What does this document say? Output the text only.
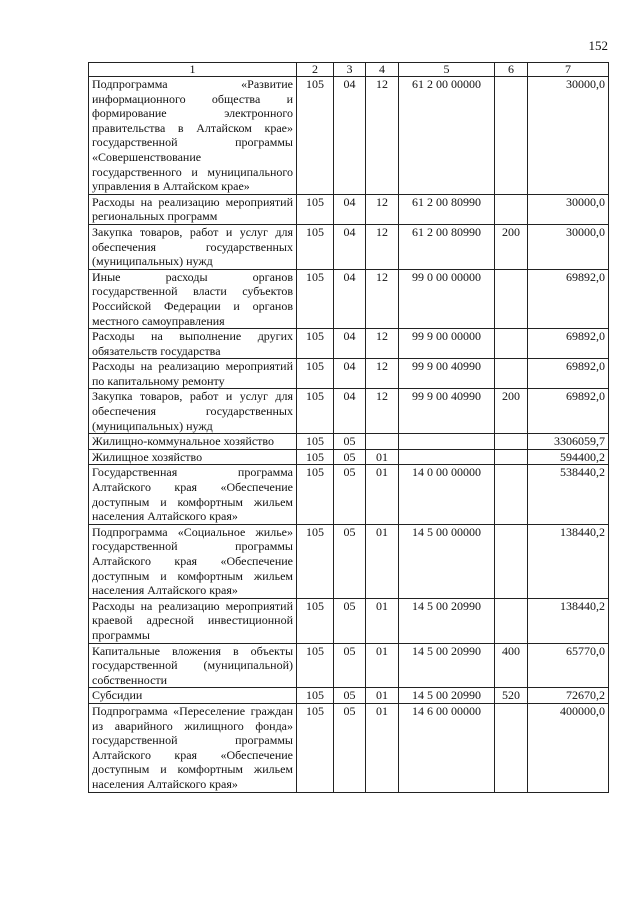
152
1	2	3	4	5	6	7
Подпрограмма «Развитие информационного общества и формирование электронного правительства в Алтайском крае» государственной программы «Совершенствование государственного и муниципального управления в Алтайском крае»	105	04	12	61 2 00 00000		30000,0
Расходы на реализацию мероприятий региональных программ	105	04	12	61 2 00 80990		30000,0
Закупка товаров, работ и услуг для обеспечения государственных (муниципальных) нужд	105	04	12	61 2 00 80990	200	30000,0
Иные расходы органов государственной власти субъектов Российской Федерации и органов местного самоуправления	105	04	12	99 0 00 00000		69892,0
Расходы на выполнение других обязательств государства	105	04	12	99 9 00 00000		69892,0
Расходы на реализацию мероприятий по капитальному ремонту	105	04	12	99 9 00 40990		69892,0
Закупка товаров, работ и услуг для обеспечения государственных (муниципальных) нужд	105	04	12	99 9 00 40990	200	69892,0
Жилищно-коммунальное хозяйство	105	05				3306059,7
Жилищное хозяйство	105	05	01			594400,2
Государственная программа Алтайского края «Обеспечение доступным и комфортным жильем населения Алтайского края»	105	05	01	14 0 00 00000		538440,2
Подпрограмма «Социальное жилье» государственной программы Алтайского края «Обеспечение доступным и комфортным жильем населения Алтайского края»	105	05	01	14 5 00 00000		138440,2
Расходы на реализацию мероприятий краевой адресной инвестиционной программы	105	05	01	14 5 00 20990		138440,2
Капитальные вложения в объекты государственной (муниципальной) собственности	105	05	01	14 5 00 20990	400	65770,0
Субсидии	105	05	01	14 5 00 20990	520	72670,2
Подпрограмма «Переселение граждан из аварийного жилищного фонда» государственной программы Алтайского края «Обеспечение доступным и комфортным жильем населения Алтайского края»	105	05	01	14 6 00 00000		400000,0
